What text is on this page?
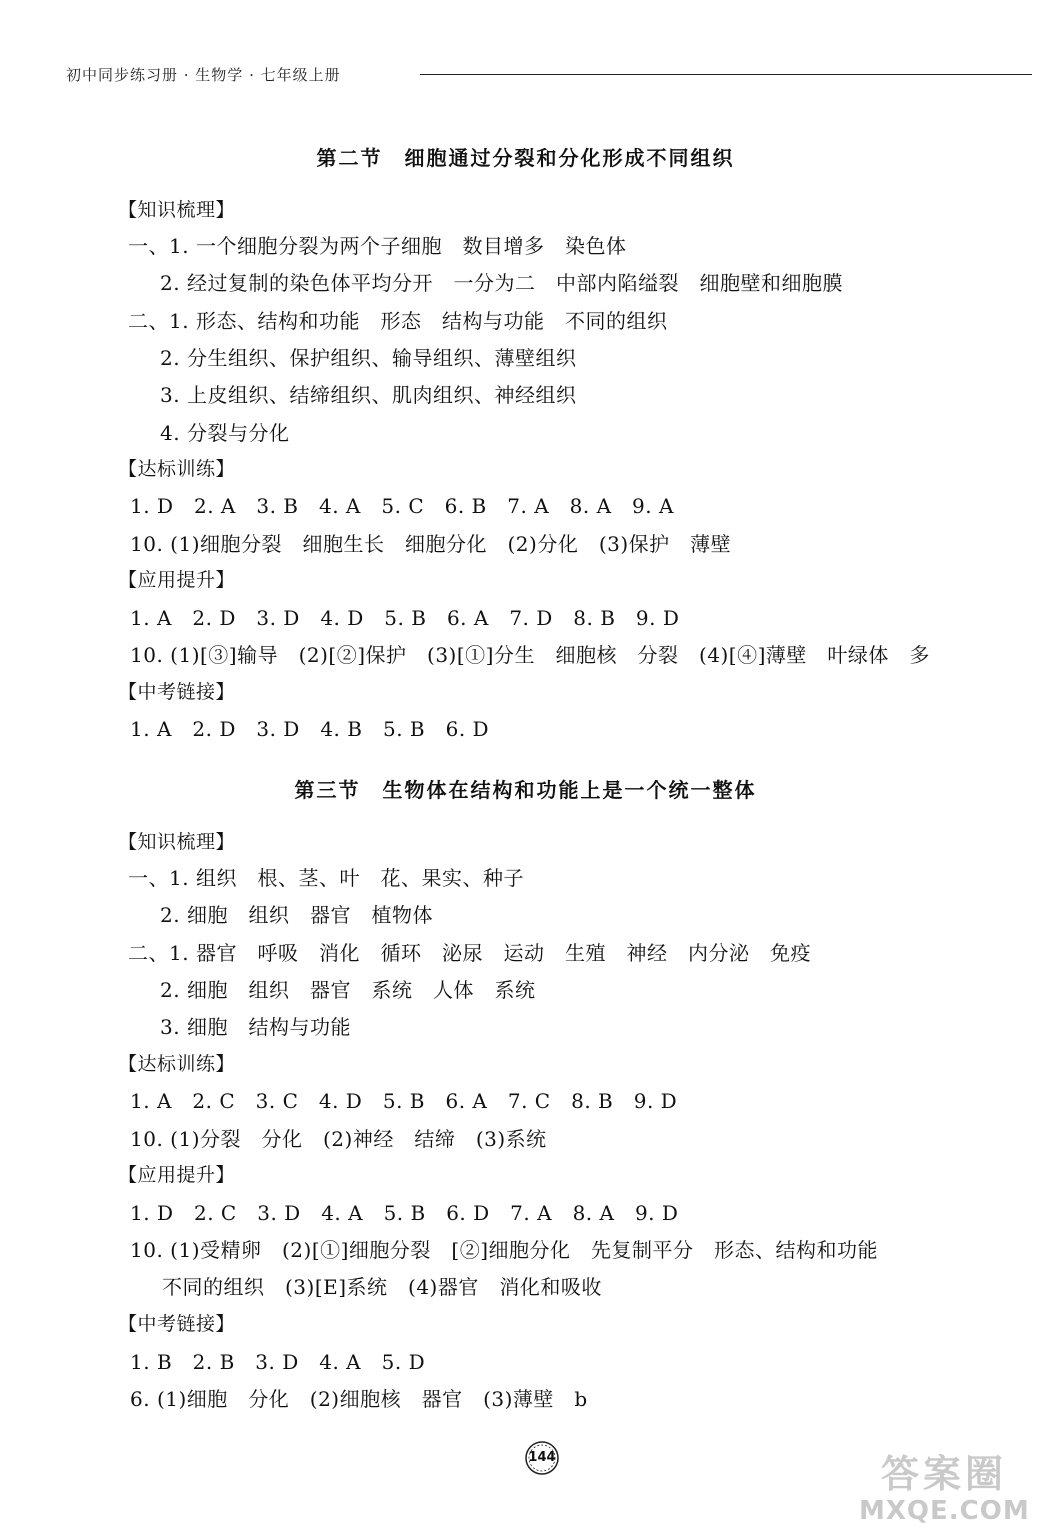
初中同步练习册 · 生物学 · 七年级上册
第二节　细胞通过分裂和分化形成不同组织
【知识梳理】
一、1. 一个细胞分裂为两个子细胞　数目增多　染色体
2. 经过复制的染色体平均分开　一分为二　中部内陷缢裂　细胞壁和细胞膜
二、1. 形态、结构和功能　形态　结构与功能　不同的组织
2. 分生组织、保护组织、输导组织、薄壁组织
3. 上皮组织、结缔组织、肌肉组织、神经组织
4. 分裂与分化
【达标训练】
1. D　2. A　3. B　4. A　5. C　6. B　7. A　8. A　9. A
10. (1)细胞分裂　细胞生长　细胞分化　(2)分化　(3)保护　薄壁
【应用提升】
1. A　2. D　3. D　4. D　5. B　6. A　7. D　8. B　9. D
10. (1)[③]输导　(2)[②]保护　(3)[①]分生　细胞核　分裂　(4)[④]薄壁　叶绿体　多
【中考链接】
1. A　2. D　3. D　4. B　5. B　6. D
第三节　生物体在结构和功能上是一个统一整体
【知识梳理】
一、1. 组织　根、茎、叶　花、果实、种子
2. 细胞　组织　器官　植物体
二、1. 器官　呼吸　消化　循环　泌尿　运动　生殖　神经　内分泌　免疫
2. 细胞　组织　器官　系统　人体　系统
3. 细胞　结构与功能
【达标训练】
1. A　2. C　3. C　4. D　5. B　6. A　7. C　8. B　9. D
10. (1)分裂　分化　(2)神经　结缔　(3)系统
【应用提升】
1. D　2. C　3. D　4. A　5. B　6. D　7. A　8. A　9. D
10. (1)受精卵　(2)[①]细胞分裂　[②]细胞分化　先复制平分　形态、结构和功能
不同的组织　(3)[E]系统　(4)器官　消化和吸收
【中考链接】
1. B　2. B　3. D　4. A　5. D
6. (1)细胞　分化　(2)细胞核　器官　(3)薄壁　b
144	答案圈
MXQE.COM
